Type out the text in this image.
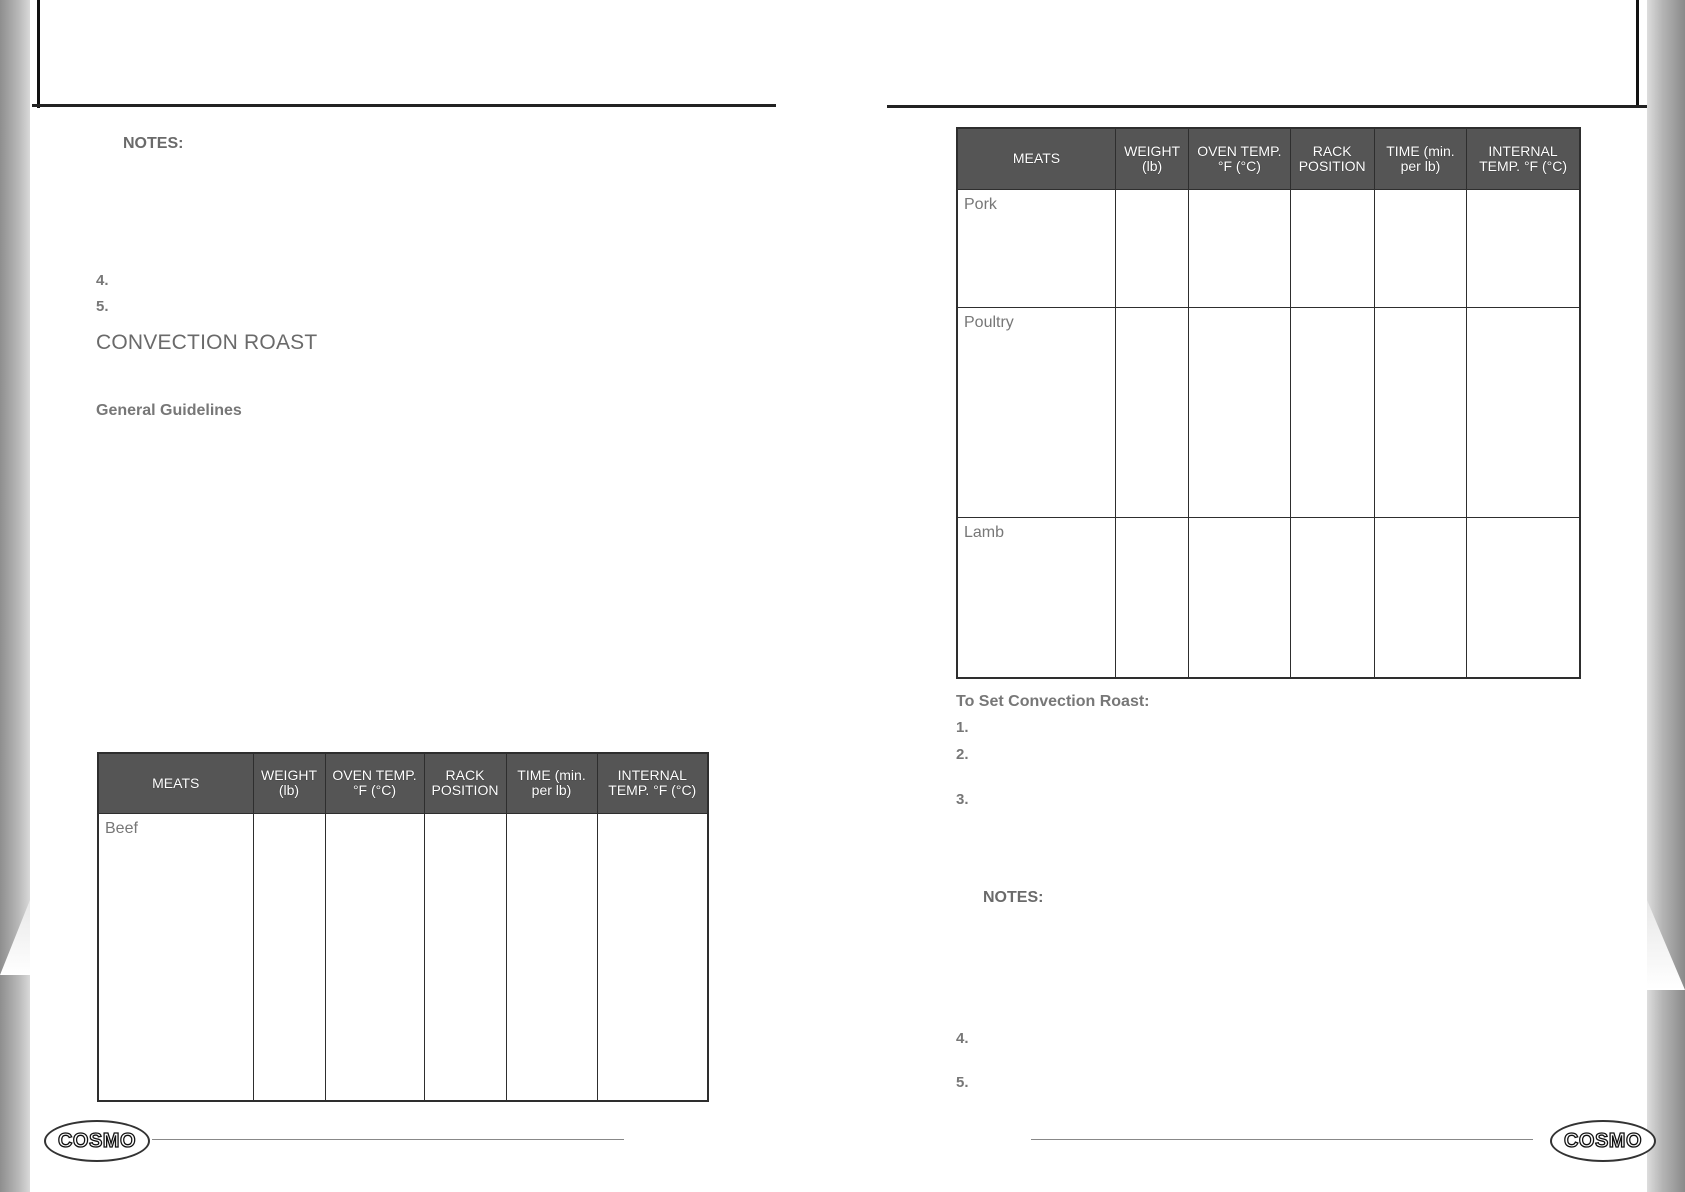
NOTES:
4.
5.
CONVECTION ROAST
General Guidelines
MEATS	WEIGHT (lb)	OVEN TEMP. °F (°C)	RACK POSITION	TIME (min. per lb)	INTERNAL TEMP. °F (°C)
Beef					
COSMO
MEATS	WEIGHT (lb)	OVEN TEMP. °F (°C)	RACK POSITION	TIME (min. per lb)	INTERNAL TEMP. °F (°C)
Pork					
Poultry					
Lamb					
To Set Convection Roast:
1.
2.
3.
NOTES:
4.
5.
COSMO
